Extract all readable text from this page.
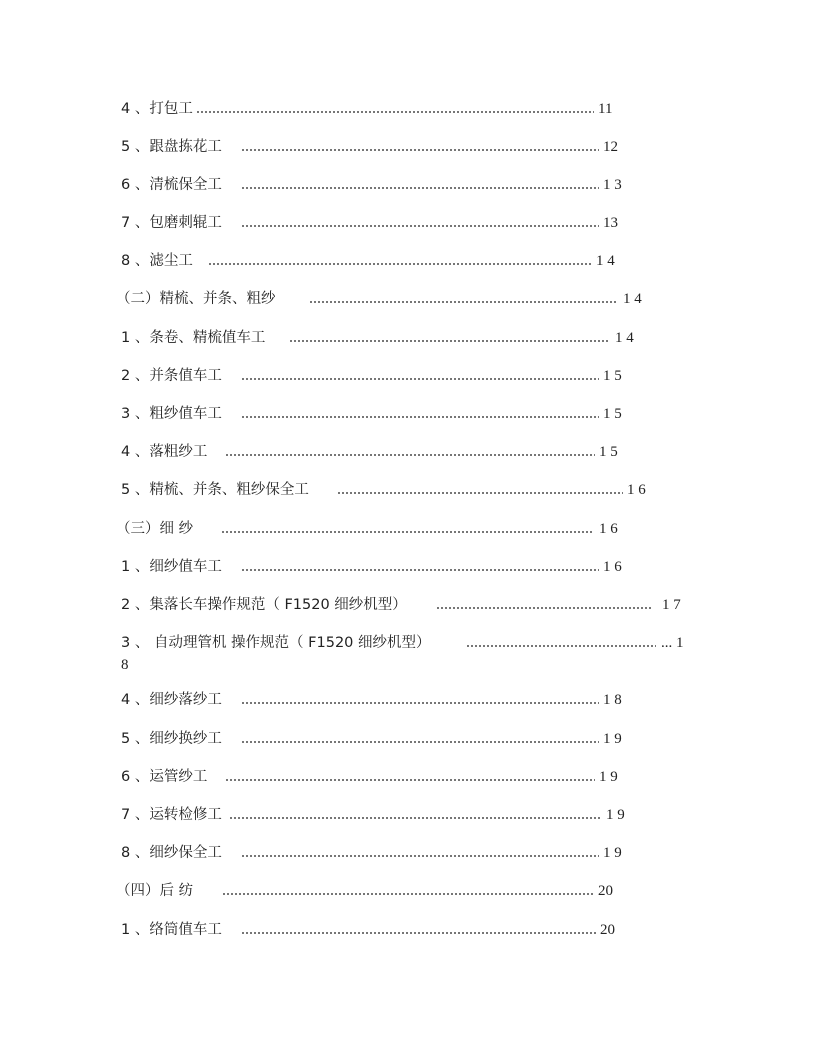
4 、打包工	11
5 、跟盘拣花工	12
6 、清梳保全工	1 3
7 、包磨刺辊工	13
8 、滤尘工	1 4
（二）精梳、并条、粗纱	1 4
1 、条卷、精梳值车工	1 4
2 、并条值车工	1 5
3 、粗纱值车工	1 5
4 、落粗纱工	1 5
5 、精梳、并条、粗纱保全工	1 6
（三）细 纱	1 6
1 、细纱值车工	1 6
2 、集落长车操作规范（ F1520 细纱机型）	1 7
3 、 自动理管机 操作规范（ F1520 细纱机型）	... 1
8
4 、细纱落纱工	1 8
5 、细纱换纱工	1 9
6 、运管纱工	1 9
7 、运转检修工	1 9
8 、细纱保全工	1 9
（四）后 纺	20
1 、络筒值车工	20
